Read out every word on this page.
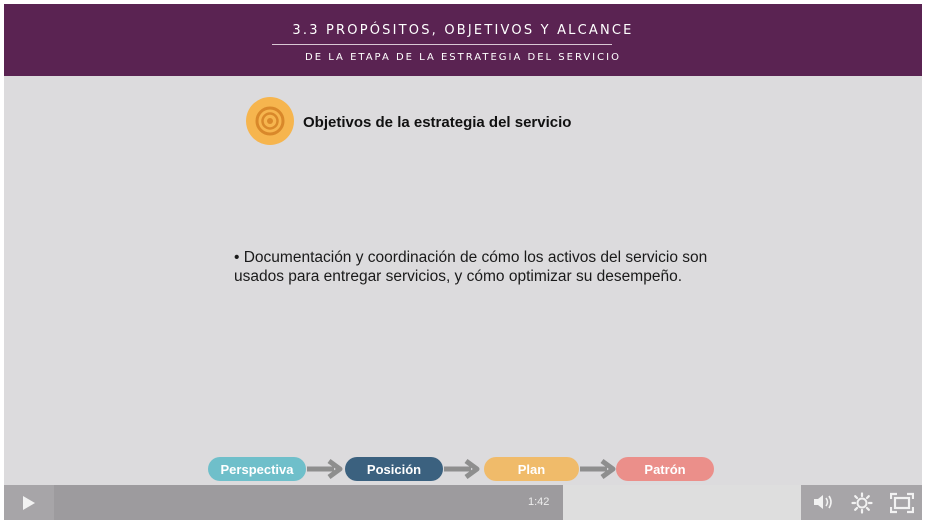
3.3 PROPÓSITOS, OBJETIVOS Y ALCANCE
DE LA ETAPA DE LA ESTRATEGIA DEL SERVICIO
Objetivos de la estrategia del servicio
• Documentación y coordinación de cómo los activos del servicio son usados para entregar servicios, y cómo optimizar su desempeño.
Perspectiva	Posición	Plan	Patrón
1:42
